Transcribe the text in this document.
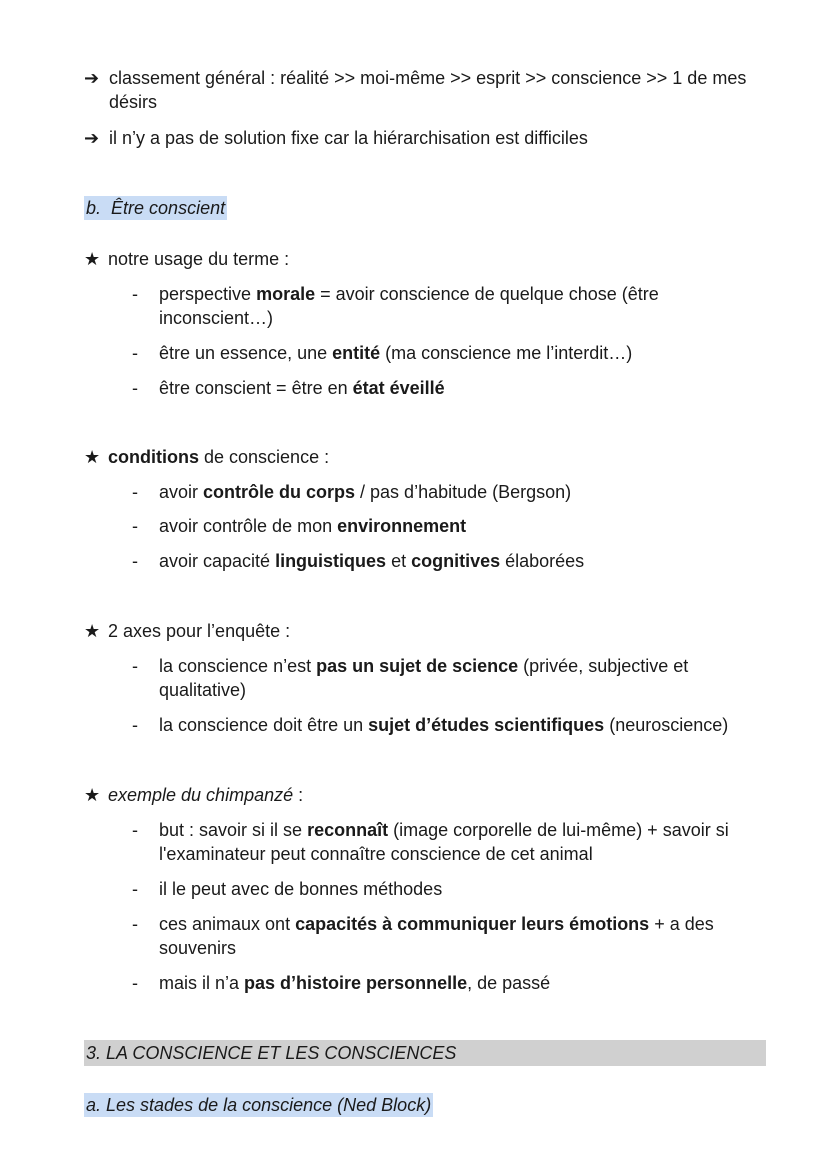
➔ classement général : réalité >> moi-même >> esprit >> conscience >> 1 de mes désirs
➔ il n’y a pas de solution fixe car la hiérarchisation est difficiles
b. Être conscient
★ notre usage du terme :
-	perspective morale = avoir conscience de quelque chose (être inconscient…)
-	être un essence, une entité (ma conscience me l’interdit…)
-	être conscient = être en état éveillé
★ conditions de conscience :
-	avoir contrôle du corps / pas d’habitude (Bergson)
-	avoir contrôle de mon environnement
-	avoir capacité linguistiques et cognitives élaborées
★ 2 axes pour l’enquête :
-	la conscience n’est pas un sujet de science (privée, subjective et qualitative)
-	la conscience doit être un sujet d’études scientifiques (neuroscience)
★ exemple du chimpanzé :
-	but : savoir si il se reconnaît (image corporelle de lui-même) + savoir si l'examinateur peut connaître conscience de cet animal
-	il le peut avec de bonnes méthodes
-	ces animaux ont capacités à communiquer leurs émotions + a des souvenirs
-	mais il n’a pas d’histoire personnelle, de passé
3. LA CONSCIENCE ET LES CONSCIENCES
a. Les stades de la conscience (Ned Block)
